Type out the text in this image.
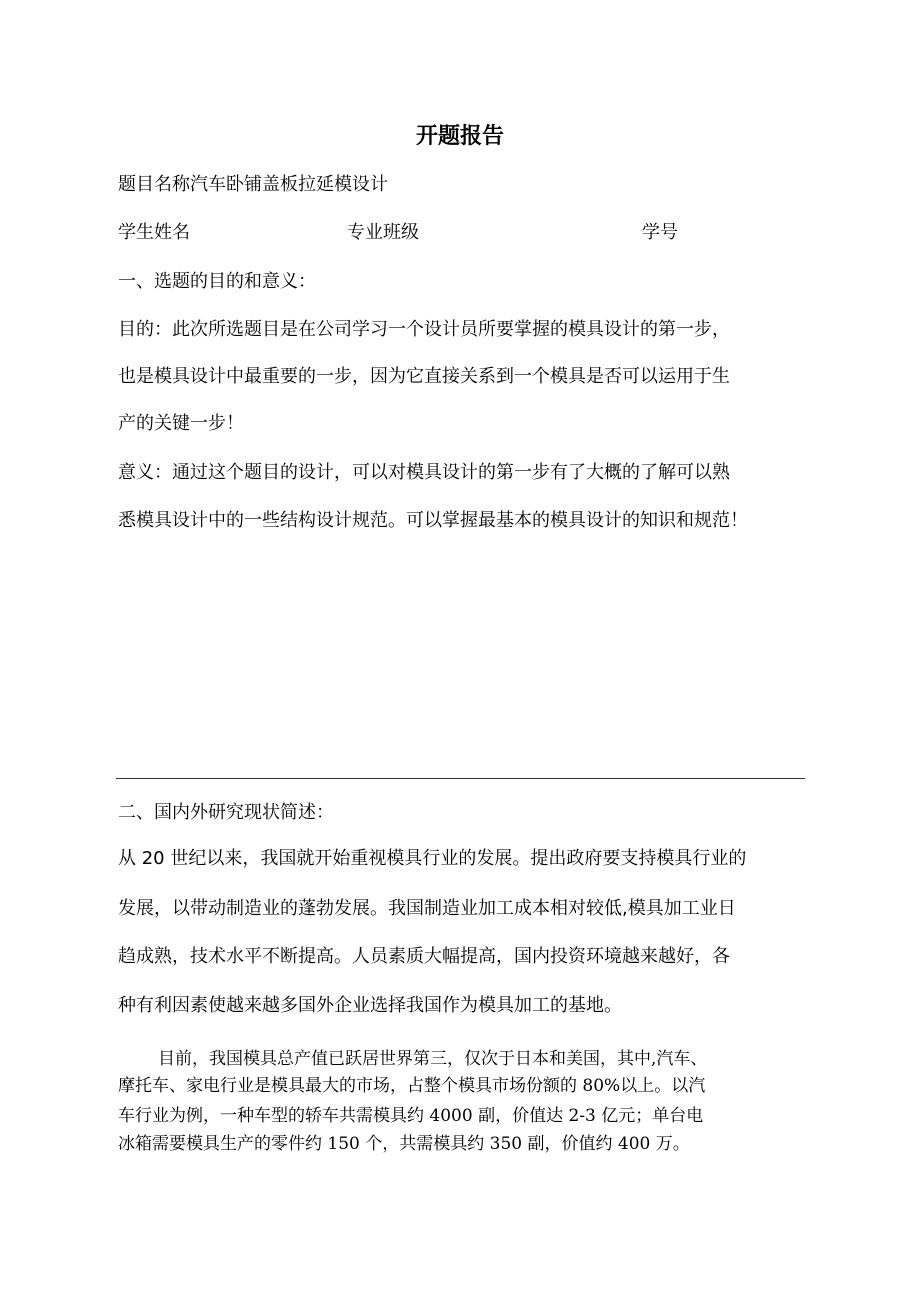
开题报告

题目名称汽车卧铺盖板拉延模设计

学生姓名	专业班级	学号

一、选题的目的和意义：

目的：此次所选题目是在公司学习一个设计员所要掌握的模具设计的第一步，

也是模具设计中最重要的一步，因为它直接关系到一个模具是否可以运用于生

产的关键一步！

意义：通过这个题目的设计，可以对模具设计的第一步有了大概的了解可以熟

悉模具设计中的一些结构设计规范。可以掌握最基本的模具设计的知识和规范！

二、国内外研究现状简述：

从 20 世纪以来，我国就开始重视模具行业的发展。提出政府要支持模具行业的

发展，以带动制造业的蓬勃发展。我国制造业加工成本相对较低,模具加工业日

趋成熟，技术水平不断提高。人员素质大幅提高，国内投资环境越来越好，各

种有利因素使越来越多国外企业选择我国作为模具加工的基地。

目前，我国模具总产值已跃居世界第三，仅次于日本和美国，其中,汽车、

摩托车、家电行业是模具最大的市场，占整个模具市场份额的 80%以上。以汽

车行业为例，一种车型的轿车共需模具约 4000 副，价值达 2-3 亿元；单台电

冰箱需要模具生产的零件约 150 个，共需模具约 350 副，价值约 400 万。
